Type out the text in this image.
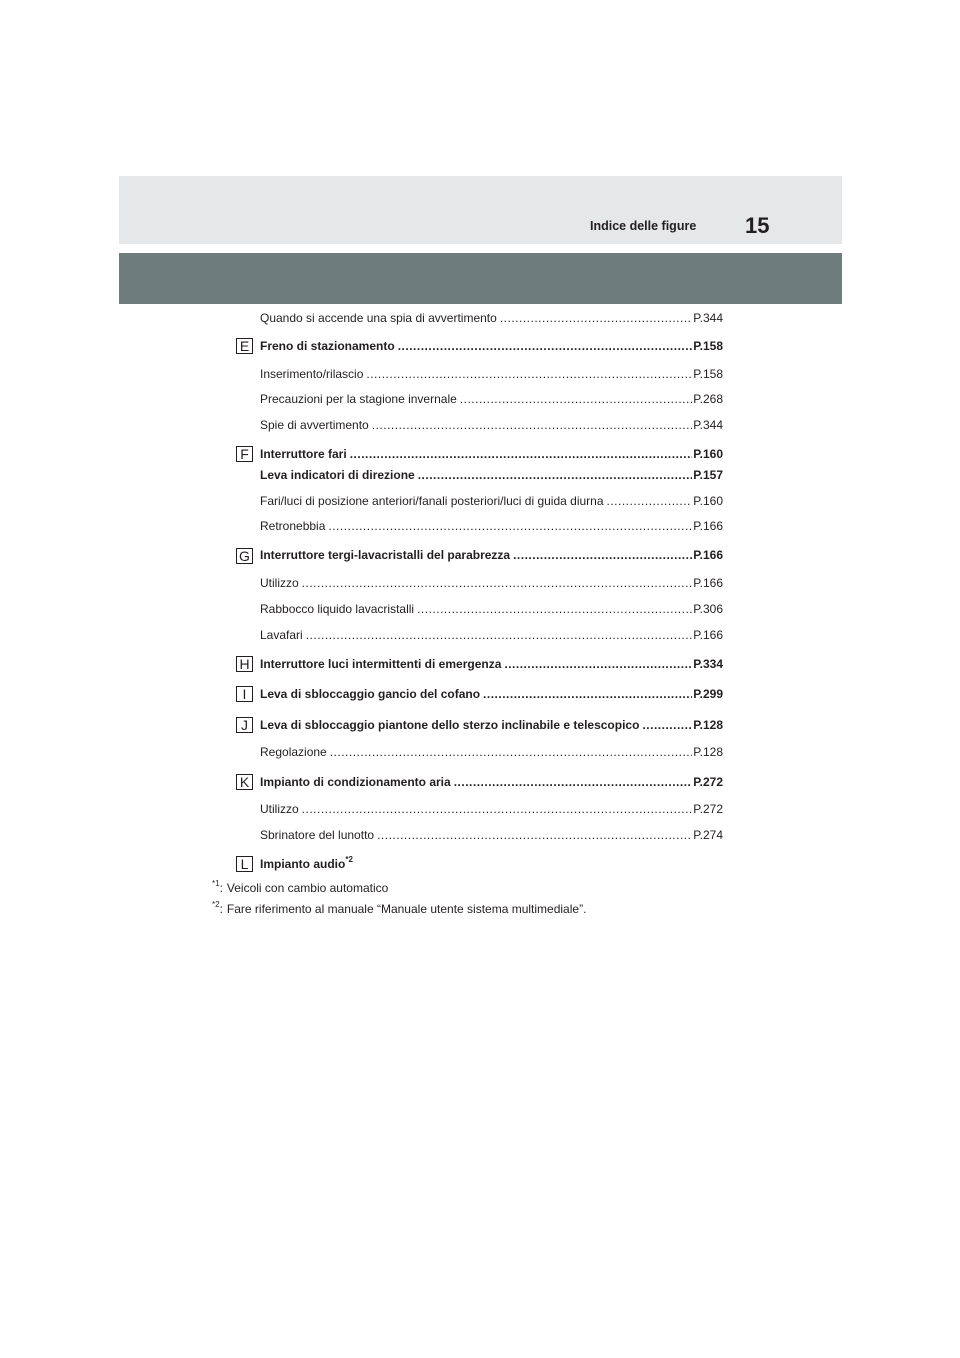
Indice delle figure 15
Quando si accende una spia di avvertimento .....	P.344
E Freno di stazionamento .....	P.158
Inserimento/rilascio .....	P.158
Precauzioni per la stagione invernale .....	P.268
Spie di avvertimento .....	P.344
F Interruttore fari .....	P.160
Leva indicatori di direzione .....	P.157
Fari/luci di posizione anteriori/fanali posteriori/luci di guida diurna .....	P.160
Retronebbia .....	P.166
G Interruttore tergi-lavacristalli del parabrezza .....	P.166
Utilizzo .....	P.166
Rabbocco liquido lavacristalli .....	P.306
Lavafari .....	P.166
H Interruttore luci intermittenti di emergenza .....	P.334
I	Leva di sbloccaggio gancio del cofano .....	P.299
J	Leva di sbloccaggio piantone dello sterzo inclinabile e telescopico .....	P.128
Regolazione .....	P.128
K Impianto di condizionamento aria .....	P.272
Utilizzo .....	P.272
Sbrinatore del lunotto .....	P.274
L Impianto audio$^{*2}$
$^{*1}$: Veicoli con cambio automatico
$^{*2}$: Fare riferimento al manuale “Manuale utente sistema multimediale”.
